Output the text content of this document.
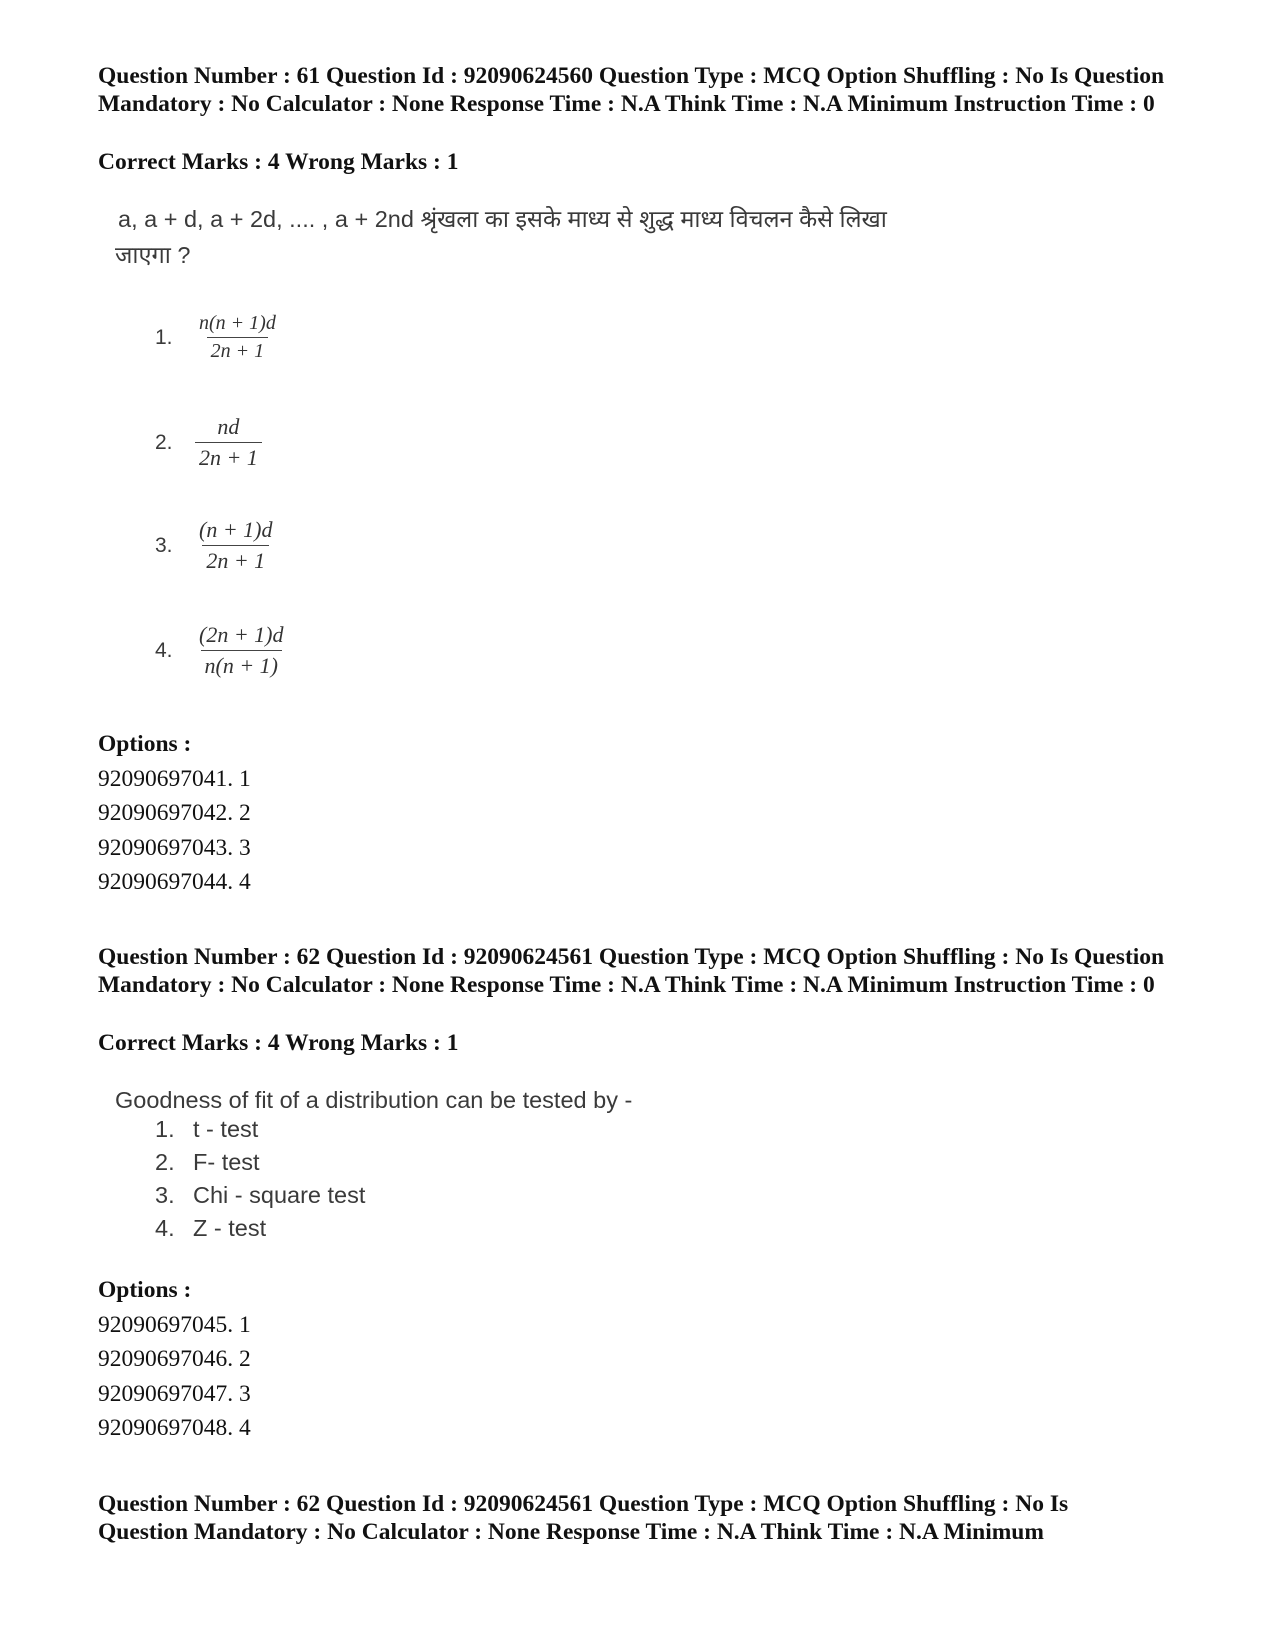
Question Number : 61 Question Id : 92090624560 Question Type : MCQ Option Shuffling : No Is Question Mandatory : No Calculator : None Response Time : N.A Think Time : N.A Minimum Instruction Time : 0
Correct Marks : 4 Wrong Marks : 1
a, a + d, a + 2d, .... , a + 2nd श्रृंखला का इसके माध्य से शुद्ध माध्य विचलन कैसे लिखा
जाएगा ?
1.	$\frac{n(n + 1)d}{2n + 1}$
2.	$\frac{nd}{2n + 1}$
3.	$\frac{(n + 1)d}{2n + 1}$
4.	$\frac{(2n + 1)d}{n(n + 1)}$
Options :
92090697041. 1
92090697042. 2
92090697043. 3
92090697044. 4
Question Number : 62 Question Id : 92090624561 Question Type : MCQ Option Shuffling : No Is Question Mandatory : No Calculator : None Response Time : N.A Think Time : N.A Minimum Instruction Time : 0
Correct Marks : 4 Wrong Marks : 1
Goodness of fit of a distribution can be tested by -
1. t - test
2. F- test
3. Chi - square test
4. Z - test
Options :
92090697045. 1
92090697046. 2
92090697047. 3
92090697048. 4
Question Number : 62 Question Id : 92090624561 Question Type : MCQ Option Shuffling : No Is
Question Mandatory : No Calculator : None Response Time : N.A Think Time : N.A Minimum
